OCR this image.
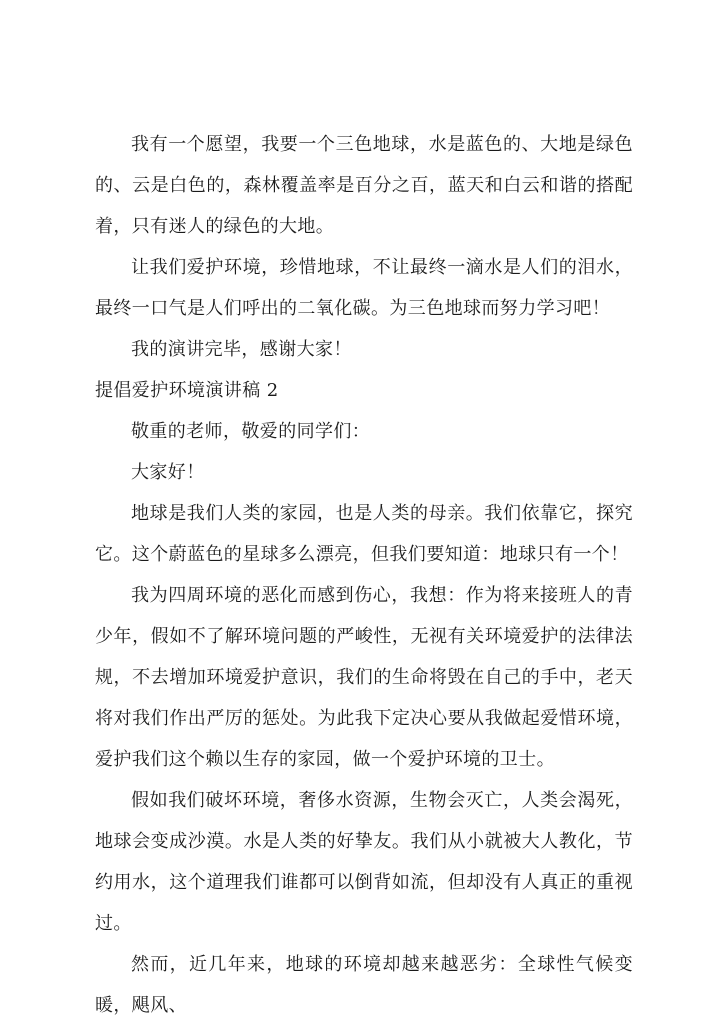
我有一个愿望，我要一个三色地球，水是蓝色的、大地是绿色的、云是白色的，森林覆盖率是百分之百，蓝天和白云和谐的搭配着，只有迷人的绿色的大地。

让我们爱护环境，珍惜地球，不让最终一滴水是人们的泪水，最终一口气是人们呼出的二氧化碳。为三色地球而努力学习吧！

我的演讲完毕，感谢大家！

提倡爱护环境演讲稿 2

敬重的老师，敬爱的同学们：

大家好！

地球是我们人类的家园，也是人类的母亲。我们依靠它，探究它。这个蔚蓝色的星球多么漂亮，但我们要知道：地球只有一个！

我为四周环境的恶化而感到伤心，我想：作为将来接班人的青少年，假如不了解环境问题的严峻性，无视有关环境爱护的法律法规，不去增加环境爱护意识，我们的生命将毁在自己的手中，老天将对我们作出严厉的惩处。为此我下定决心要从我做起爱惜环境，爱护我们这个赖以生存的家园，做一个爱护环境的卫士。

假如我们破坏环境，奢侈水资源，生物会灭亡，人类会渴死，地球会变成沙漠。水是人类的好挚友。我们从小就被大人教化，节约用水，这个道理我们谁都可以倒背如流，但却没有人真正的重视过。

然而，近几年来，地球的环境却越来越恶劣：全球性气候变暖，飓风、
